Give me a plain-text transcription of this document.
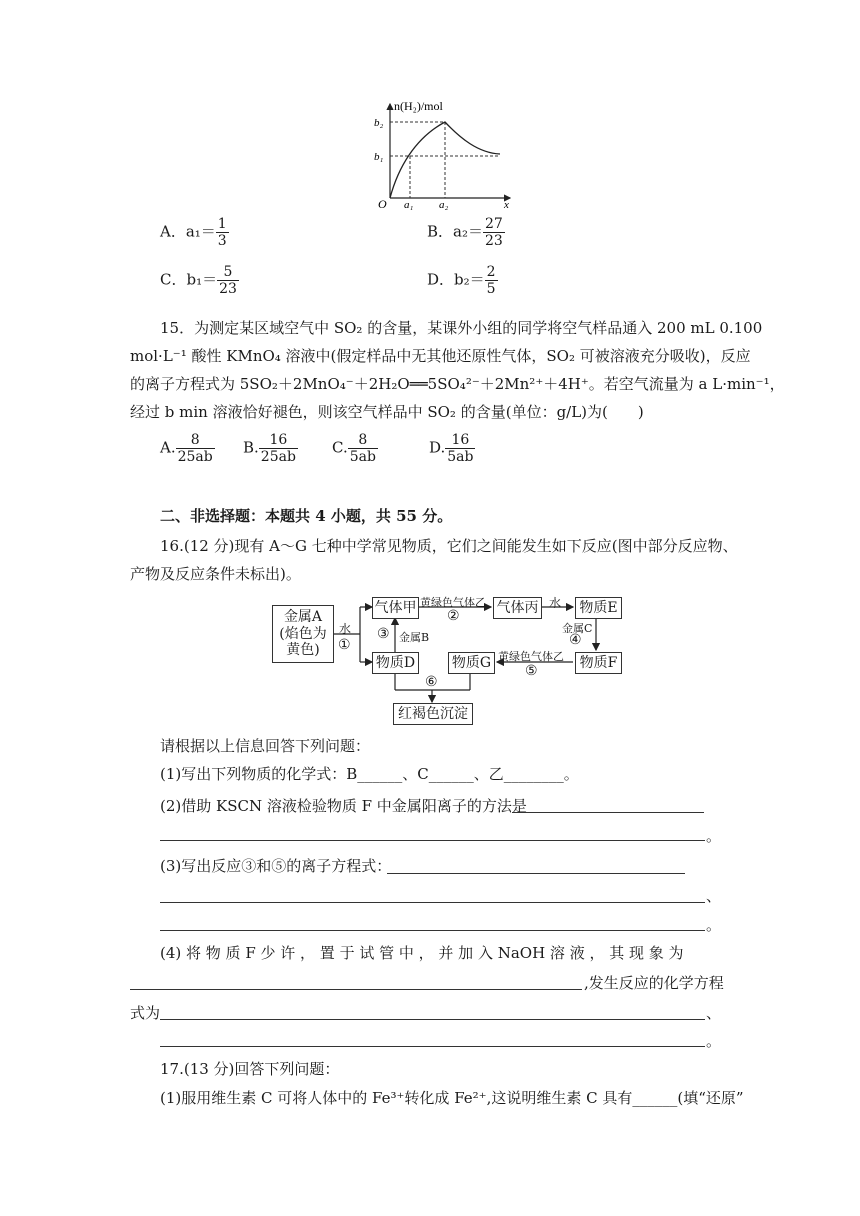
n(H₂)/mol
b₂
b₁
O a₁ a₂	x
A．$a_1= \frac{1}{3}$	B．$a_2= \frac{27}{23}$
C．$b_1= \frac{5}{23}$	D．$b_2= \frac{2}{5}$
15．为测定某区域空气中 SO₂ 的含量，某课外小组的同学将空气样品通入 200 mL 0.100
mol·L⁻¹ 酸性 KMnO₄ 溶液中(假定样品中无其他还原性气体，SO₂ 可被溶液充分吸收)，反应
的离子方程式为 5SO₂＋2MnO₄⁻＋2H₂O══5SO₄²⁻＋2Mn²⁺＋4H⁺。若空气流量为 a L·min⁻¹，
经过 b min 溶液恰好褪色，则该空气样品中 SO₂ 的含量(单位：g/L)为(　　)
A. $\frac{8}{25ab} B$. $\frac{16}{25ab} C$. $\frac{8}{5ab}$	D. $\frac{16}{5ab}$
二、非选择题：本题共 4 小题，共 55 分。
16.(12 分)现有 A～G 七种中学常见物质，它们之间能发生如下反应(图中部分反应物、
产物及反应条件未标出)。
金属A
(焰色为
黄色)
气体甲	气体丙	物质E
物质D	物质G	物质F
红褐色沉淀
水
①
黄绿色气体乙
②
水
③ 金属B
金属C
④
黄绿色气体乙
⑤
⑥
请根据以上信息回答下列问题：
(1)写出下列物质的化学式：B______、C______、乙________。
(2)借助 KSCN 溶液检验物质 F 中金属阳离子的方法是
。
(3)写出反应③和⑤的离子方程式：
、
。
(4) 将 物 质 F 少 许 ， 置 于 试 管 中 ， 并 加 入 NaOH 溶 液 ， 其 现 象 为
,发生反应的化学方程
式为	、
。
17.(13 分)回答下列问题：
(1)服用维生素 C 可将人体中的 Fe³⁺转化成 Fe²⁺,这说明维生素 C 具有______(填“还原”
